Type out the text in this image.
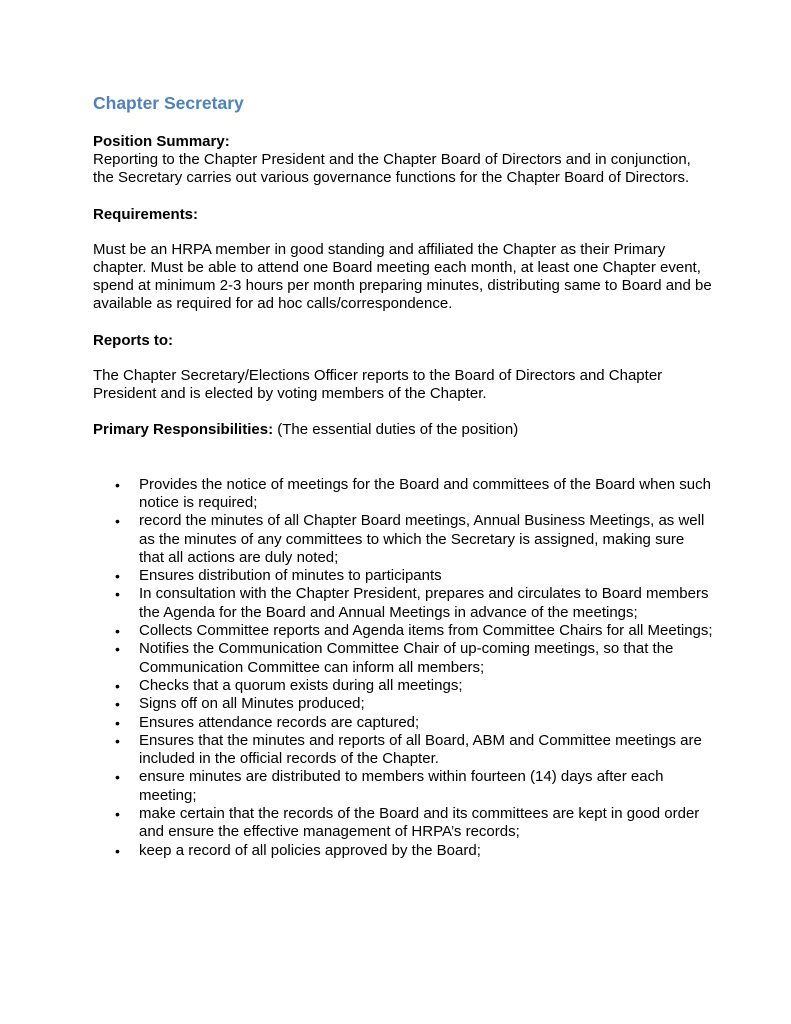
Chapter Secretary
Position Summary:

Reporting to the Chapter President and the Chapter Board of Directors and in conjunction, the Secretary carries out various governance functions for the Chapter Board of Directors.

Requirements:

Must be an HRPA member in good standing and affiliated the Chapter as their Primary chapter. Must be able to attend one Board meeting each month, at least one Chapter event, spend at minimum 2-3 hours per month preparing minutes, distributing same to Board and be available as required for ad hoc calls/correspondence.

Reports to:

The Chapter Secretary/Elections Officer reports to the Board of Directors and Chapter President and is elected by voting members of the Chapter.

Primary Responsibilities: (The essential duties of the position)
• Provides the notice of meetings for the Board and committees of the Board when such notice is required;
• record the minutes of all Chapter Board meetings, Annual Business Meetings, as well as the minutes of any committees to which the Secretary is assigned, making sure that all actions are duly noted;
• Ensures distribution of minutes to participants
• In consultation with the Chapter President, prepares and circulates to Board members the Agenda for the Board and Annual Meetings in advance of the meetings;
• Collects Committee reports and Agenda items from Committee Chairs for all Meetings;
• Notifies the Communication Committee Chair of up-coming meetings, so that the Communication Committee can inform all members;
• Checks that a quorum exists during all meetings;
• Signs off on all Minutes produced;
• Ensures attendance records are captured;
• Ensures that the minutes and reports of all Board, ABM and Committee meetings are included in the official records of the Chapter.
• ensure minutes are distributed to members within fourteen (14) days after each meeting;
• make certain that the records of the Board and its committees are kept in good order and ensure the effective management of HRPA’s records;
• keep a record of all policies approved by the Board;
